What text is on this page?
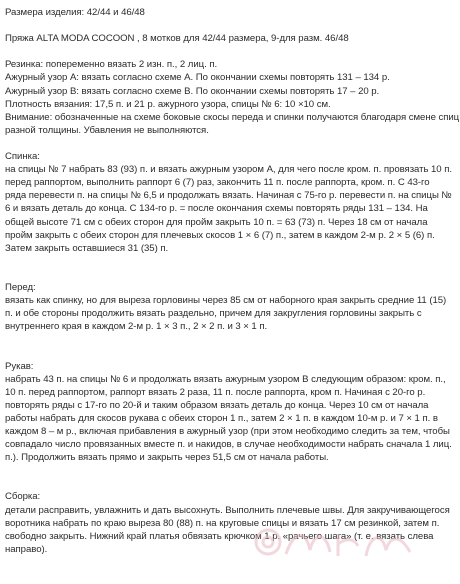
Размера изделия: 42/44 и 46/48
Пряжа ALTA MODA COCOON , 8 мотков для 42/44 размера, 9-для разм. 46/48
Резинка: попеременно вязать 2 изн. п., 2 лиц. п.
Ажурный узор А: вязать согласно схеме А. По окончании схемы повторять 131 – 134 р.
Ажурный узор В: вязать согласно схеме В. По окончании схемы повторять 17 – 20 р.
Плотность вязания: 17,5 п. и 21 р. ажурного узора, спицы № 6: 10 ×10 см.
Внимание: обозначенные на схеме боковые скосы переда и спинки получаются благодаря смене спиц
разной толщины. Убавления не выполняются.
Спинка:
на спицы № 7 набрать 83 (93) п. и вязать ажурным узором А, для чего после кром. п. провязать 10 п.
перед раппортом, выполнить раппорт 6 (7) раз, закончить 11 п. после раппорта, кром. п. С 43-го
ряда перевести п. на спицы № 6,5 и продолжать вязать. Начиная с 75-го р. перевести п. на спицы №
6 и вязать деталь до конца. С 134-го р. = после окончания схемы повторять ряды 131 – 134. На
общей высоте 71 см с обеих сторон для пройм закрыть 10 п. = 63 (73) п. Через 18 см от начала
пройм закрыть с обеих сторон для плечевых скосов 1 × 6 (7) п., затем в каждом 2-м р. 2 × 5 (6) п.
Затем закрыть оставшиеся 31 (35) п.
Перед:
вязать как спинку, но для выреза горловины через 85 см от наборного края закрыть средние 11 (15)
п. и обе стороны продолжить вязать раздельно, причем для закругления горловины закрыть с
внутреннего края в каждом 2-м р. 1 × 3 п., 2 × 2 п. и 3 × 1 п.
Рукав:
набрать 43 п. на спицы № 6 и продолжать вязать ажурным узором В следующим образом: кром. п.,
10 п. перед раппортом, раппорт вязать 2 раза, 11 п. после раппорта, кром п. Начиная с 20-го р.
повторять ряды с 17-го по 20-й и таким образом вязать деталь до конца. Через 10 см от начала
работы набрать для скосов рукава с обеих сторон 1 п., затем 2 × 1 п. в каждом 10-м р. и 7 × 1 п. в
каждом 8 – м р., включая прибавления в ажурный узор (при этом необходимо следить за тем, чтобы
совпадало число провязанных вместе п. и накидов, в случае необходимости набрать сначала 1 лиц.
п.). Продолжить вязать прямо и закрыть через 51,5 см от начала работы.
Сборка:
детали расправить, увлажнить и дать высохнуть. Выполнить плечевые швы. Для закручивающегося
воротника набрать по краю выреза 80 (88) п. на круговые спицы и вязать 17 см резинкой, затем п.
свободно закрыть. Нижний край платья обвязать крючком 1 р. «рачьего шага» (т. е. вязать слева
направо).
